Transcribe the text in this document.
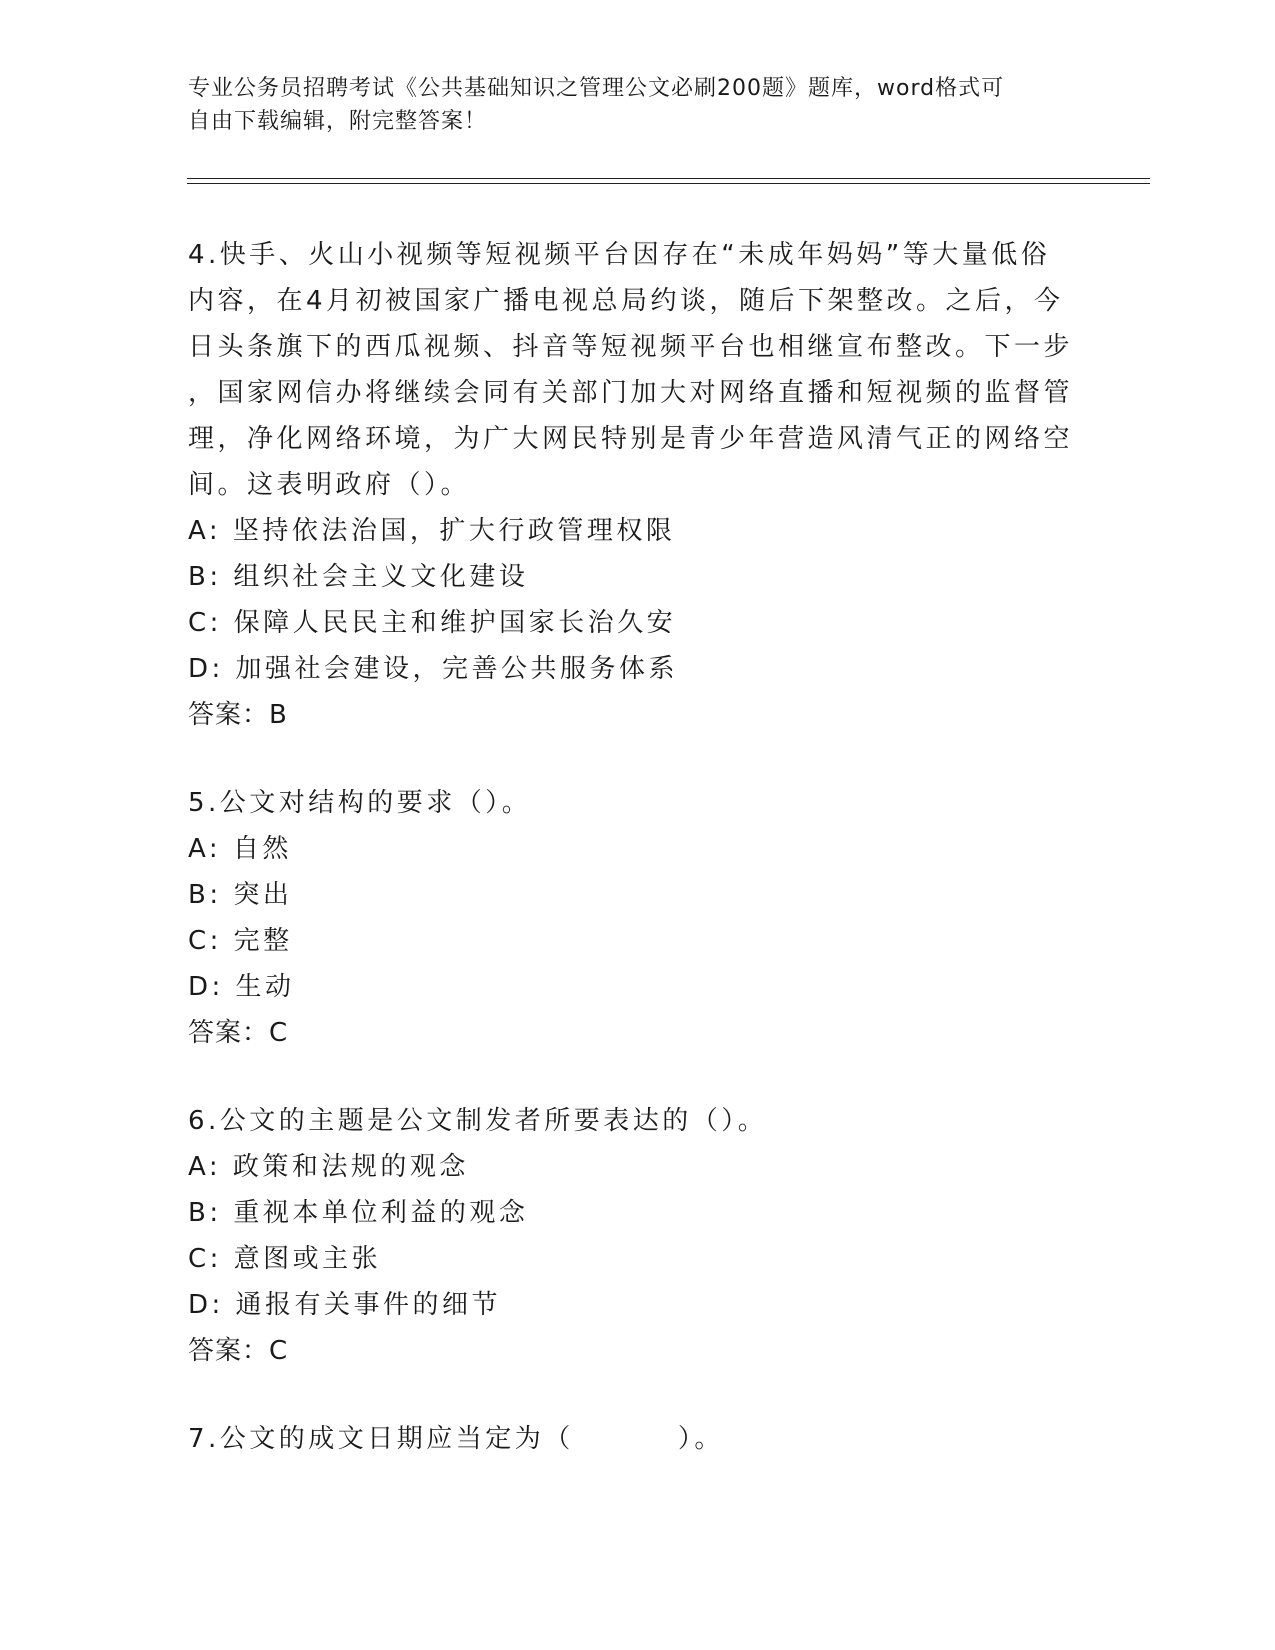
专业公务员招聘考试《公共基础知识之管理公文必刷200题》题库，word格式可
自由下载编辑，附完整答案！
4.快手、火山小视频等短视频平台因存在“未成年妈妈”等大量低俗
内容，在4月初被国家广播电视总局约谈，随后下架整改。之后，今
日头条旗下的西瓜视频、抖音等短视频平台也相继宣布整改。下一步
，国家网信办将继续会同有关部门加大对网络直播和短视频的监督管
理，净化网络环境，为广大网民特别是青少年营造风清气正的网络空
间。这表明政府（）。
A: 坚持依法治国，扩大行政管理权限
B: 组织社会主义文化建设
C: 保障人民民主和维护国家长治久安
D: 加强社会建设，完善公共服务体系
答案：B
5.公文对结构的要求（）。
A: 自然
B: 突出
C: 完整
D: 生动
答案：C
6.公文的主题是公文制发者所要表达的（）。
A: 政策和法规的观念
B: 重视本单位利益的观念
C: 意图或主张
D: 通报有关事件的细节
答案：C
7.公文的成文日期应当定为（	）。
